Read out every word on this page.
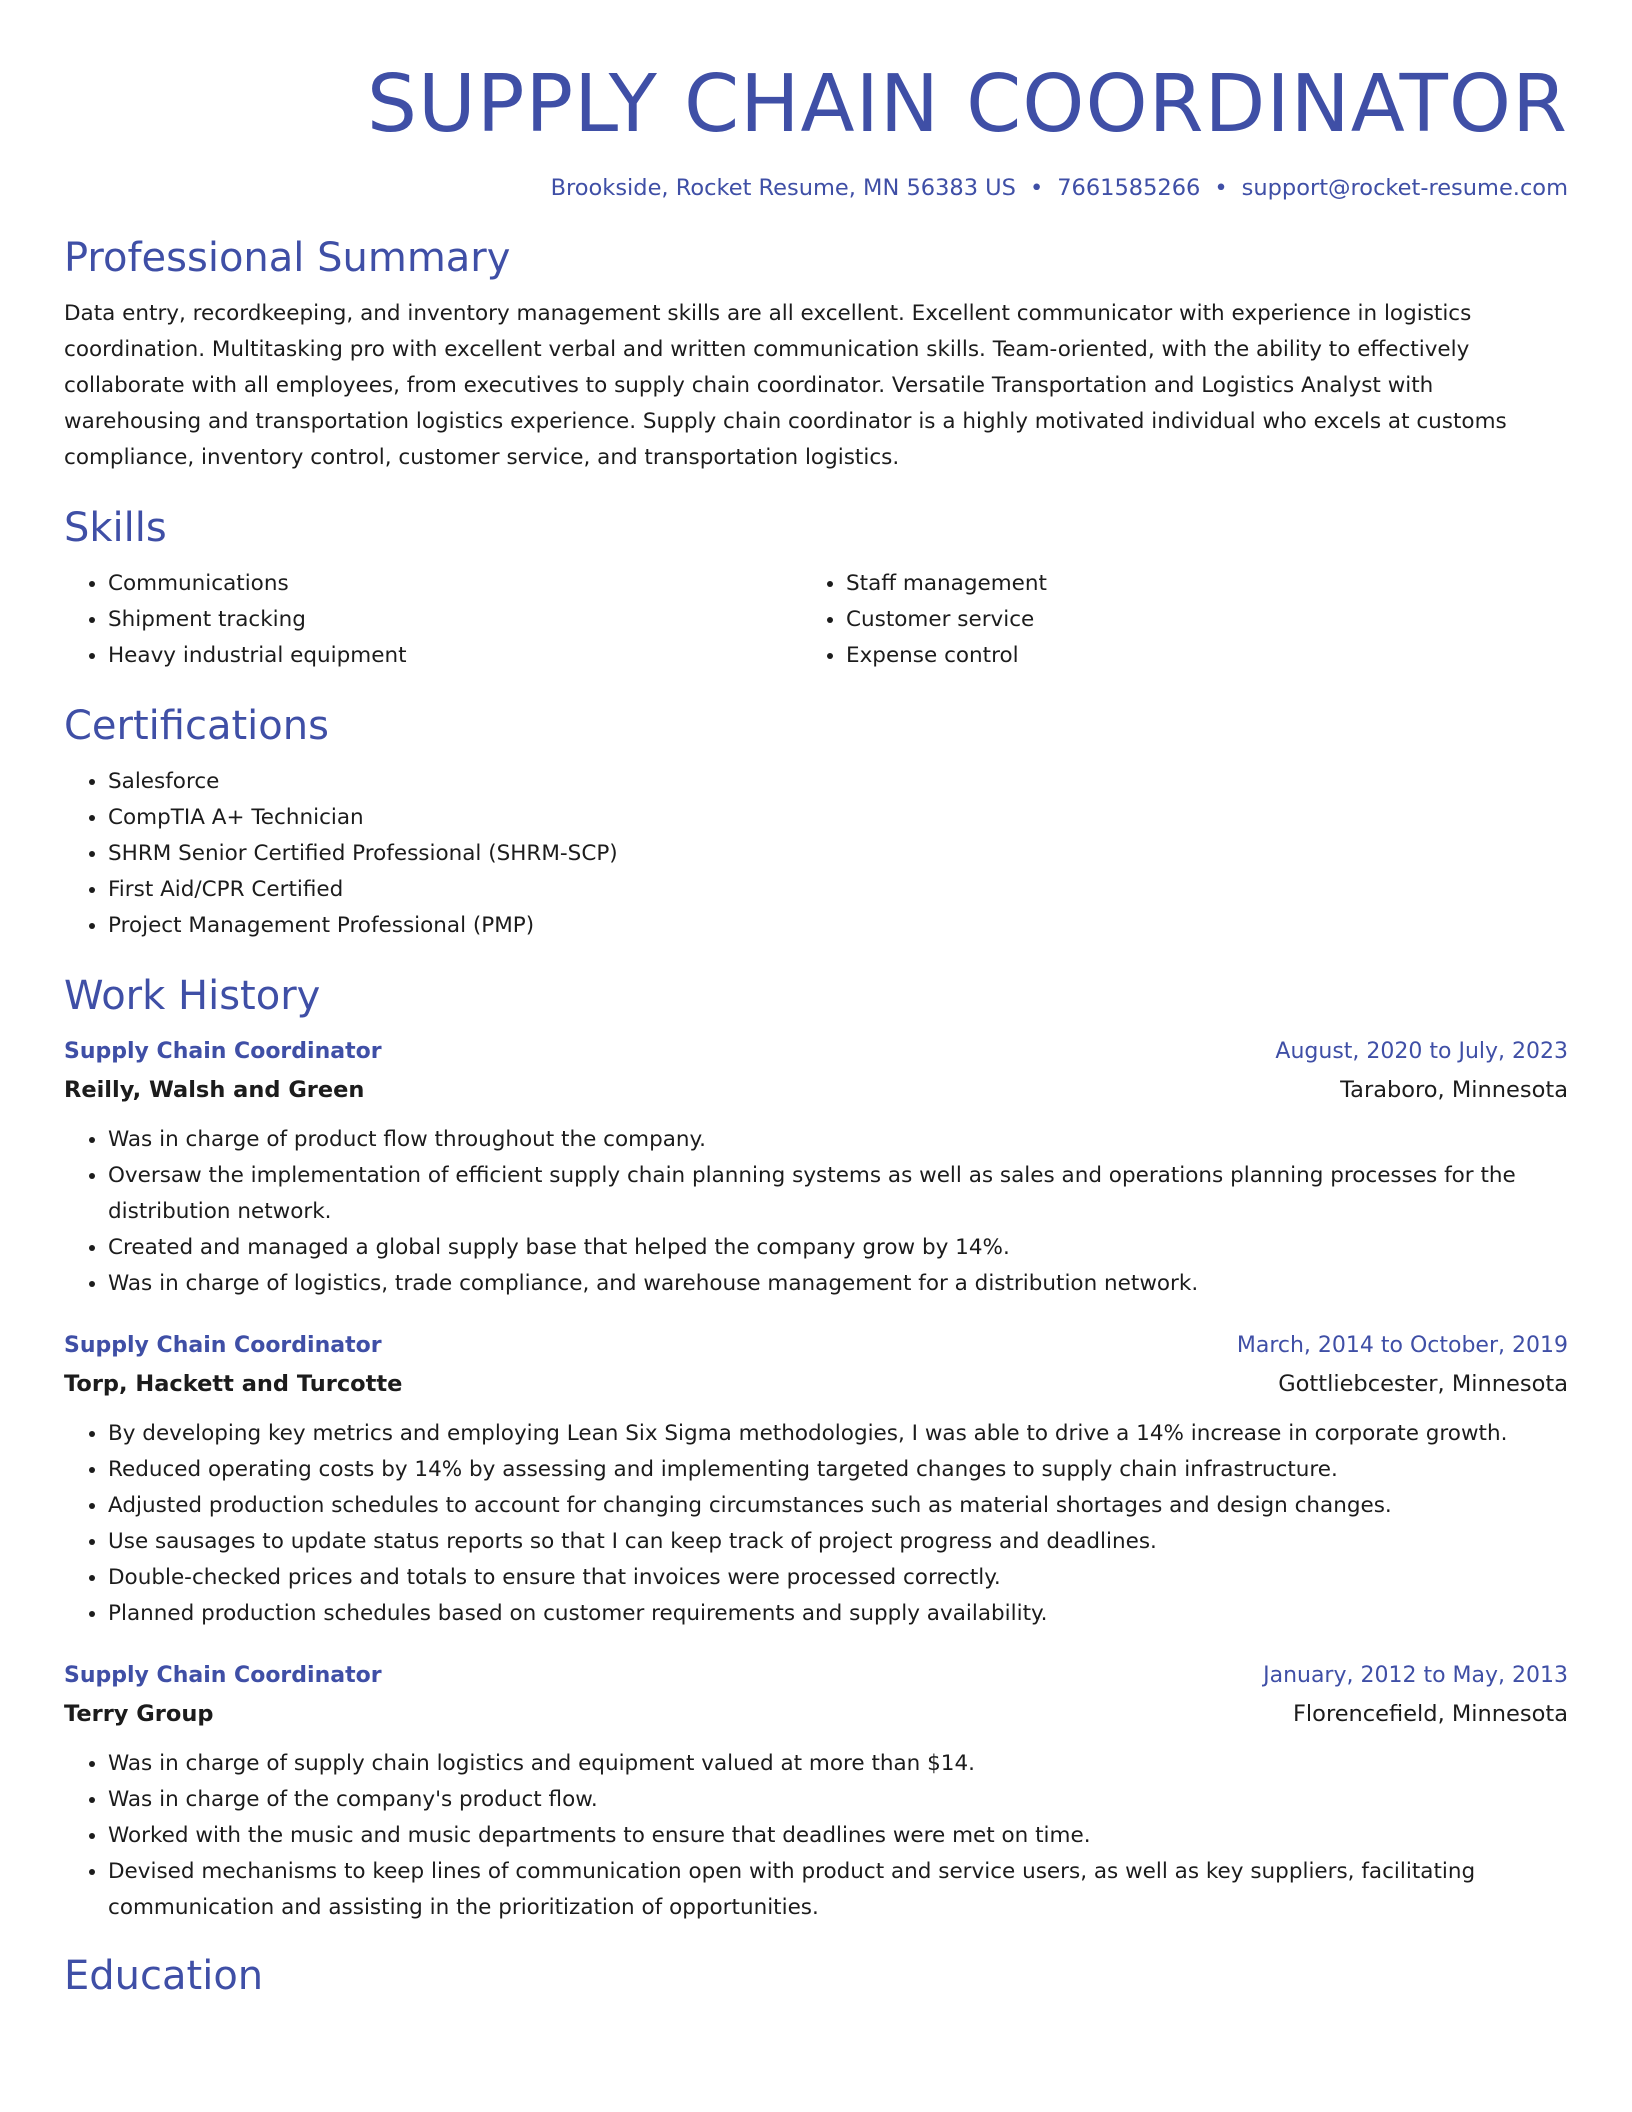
SUPPLY CHAIN COORDINATOR
Brookside, Rocket Resume, MN 56383 US • 7661585266 • support@rocket-resume.com
Professional Summary

Data entry, recordkeeping, and inventory management skills are all excellent. Excellent communicator with experience in logistics coordination. Multitasking pro with excellent verbal and written communication skills. Team-oriented, with the ability to effectively collaborate with all employees, from executives to supply chain coordinator. Versatile Transportation and Logistics Analyst with warehousing and transportation logistics experience. Supply chain coordinator is a highly motivated individual who excels at customs compliance, inventory control, customer service, and transportation logistics.

Skills
• Communications
• Shipment tracking
• Heavy industrial equipment
• Staff management
• Customer service
• Expense control
Certifications
• Salesforce
• CompTIA A+ Technician
• SHRM Senior Certified Professional (SHRM-SCP)
• First Aid/CPR Certified
• Project Management Professional (PMP)
Work History
Supply Chain Coordinator	August, 2020 to July, 2023
Reilly, Walsh and Green	Taraboro, Minnesota
• Was in charge of product flow throughout the company.
• Oversaw the implementation of efficient supply chain planning systems as well as sales and operations planning processes for the distribution network.
• Created and managed a global supply base that helped the company grow by 14%.
• Was in charge of logistics, trade compliance, and warehouse management for a distribution network.
Supply Chain Coordinator	March, 2014 to October, 2019
Torp, Hackett and Turcotte	Gottliebcester, Minnesota
• By developing key metrics and employing Lean Six Sigma methodologies, I was able to drive a 14% increase in corporate growth.
• Reduced operating costs by 14% by assessing and implementing targeted changes to supply chain infrastructure.
• Adjusted production schedules to account for changing circumstances such as material shortages and design changes.
• Use sausages to update status reports so that I can keep track of project progress and deadlines.
• Double-checked prices and totals to ensure that invoices were processed correctly.
• Planned production schedules based on customer requirements and supply availability.
Supply Chain Coordinator	January, 2012 to May, 2013
Terry Group	Florencefield, Minnesota
• Was in charge of supply chain logistics and equipment valued at more than $14.
• Was in charge of the company's product flow.
• Worked with the music and music departments to ensure that deadlines were met on time.
• Devised mechanisms to keep lines of communication open with product and service users, as well as key suppliers, facilitating communication and assisting in the prioritization of opportunities.
Education
